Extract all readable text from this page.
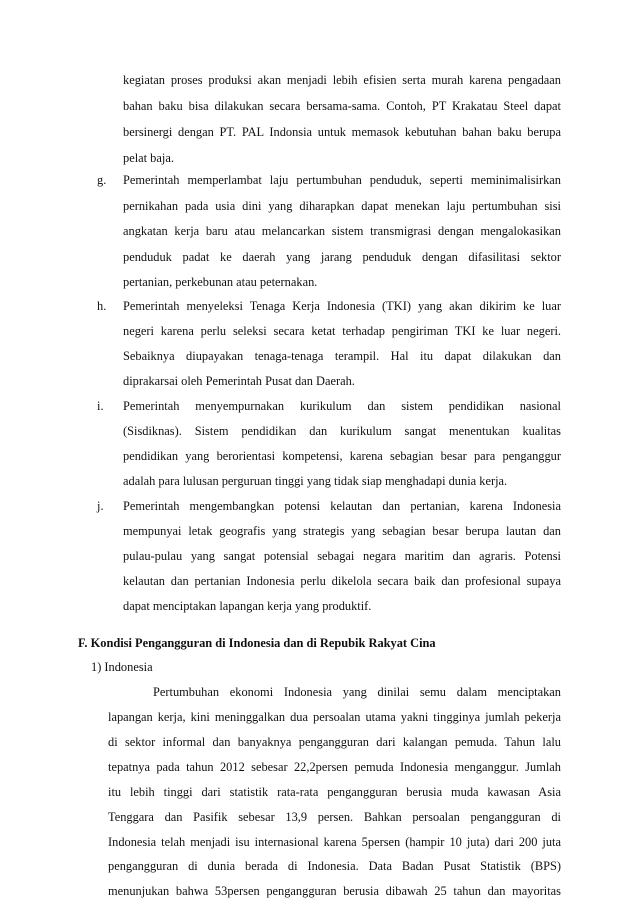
kegiatan proses produksi akan menjadi lebih efisien serta murah karena pengadaan
bahan baku bisa dilakukan secara bersama-sama. Contoh, PT Krakatau Steel dapat
bersinergi dengan PT. PAL Indonsia untuk memasok kebutuhan bahan baku berupa
pelat baja.
g. Pemerintah memperlambat laju pertumbuhan penduduk, seperti meminimalisirkan
pernikahan pada usia dini yang diharapkan dapat menekan laju pertumbuhan sisi
angkatan kerja baru atau melancarkan sistem transmigrasi dengan mengalokasikan
penduduk padat ke daerah yang jarang penduduk dengan difasilitasi sektor
pertanian, perkebunan atau peternakan.
h. Pemerintah menyeleksi Tenaga Kerja Indonesia (TKI) yang akan dikirim ke luar
negeri karena perlu seleksi secara ketat terhadap pengiriman TKI ke luar negeri.
Sebaiknya diupayakan tenaga-tenaga terampil. Hal itu dapat dilakukan dan
diprakarsai oleh Pemerintah Pusat dan Daerah.
i. Pemerintah menyempurnakan kurikulum dan sistem pendidikan nasional
(Sisdiknas). Sistem pendidikan dan kurikulum sangat menentukan kualitas
pendidikan yang berorientasi kompetensi, karena sebagian besar para penganggur
adalah para lulusan perguruan tinggi yang tidak siap menghadapi dunia kerja.
j. Pemerintah mengembangkan potensi kelautan dan pertanian, karena Indonesia
mempunyai letak geografis yang strategis yang sebagian besar berupa lautan dan
pulau-pulau yang sangat potensial sebagai negara maritim dan agraris. Potensi
kelautan dan pertanian Indonesia perlu dikelola secara baik dan profesional supaya
dapat menciptakan lapangan kerja yang produktif.
F. Kondisi Pengangguran di Indonesia dan di Repubik Rakyat Cina
1) Indonesia
Pertumbuhan ekonomi Indonesia yang dinilai semu dalam menciptakan
lapangan kerja, kini meninggalkan dua persoalan utama yakni tingginya jumlah pekerja
di sektor informal dan banyaknya pengangguran dari kalangan pemuda. Tahun lalu
tepatnya pada tahun 2012 sebesar 22,2persen pemuda Indonesia menganggur. Jumlah
itu lebih tinggi dari statistik rata-rata pengangguran berusia muda kawasan Asia
Tenggara dan Pasifik sebesar 13,9 persen. Bahkan persoalan pengangguran di
Indonesia telah menjadi isu internasional karena 5persen (hampir 10 juta) dari 200 juta
pengangguran di dunia berada di Indonesia. Data Badan Pusat Statistik (BPS)
menunjukan bahwa 53persen pengangguran berusia dibawah 25 tahun dan mayoritas
